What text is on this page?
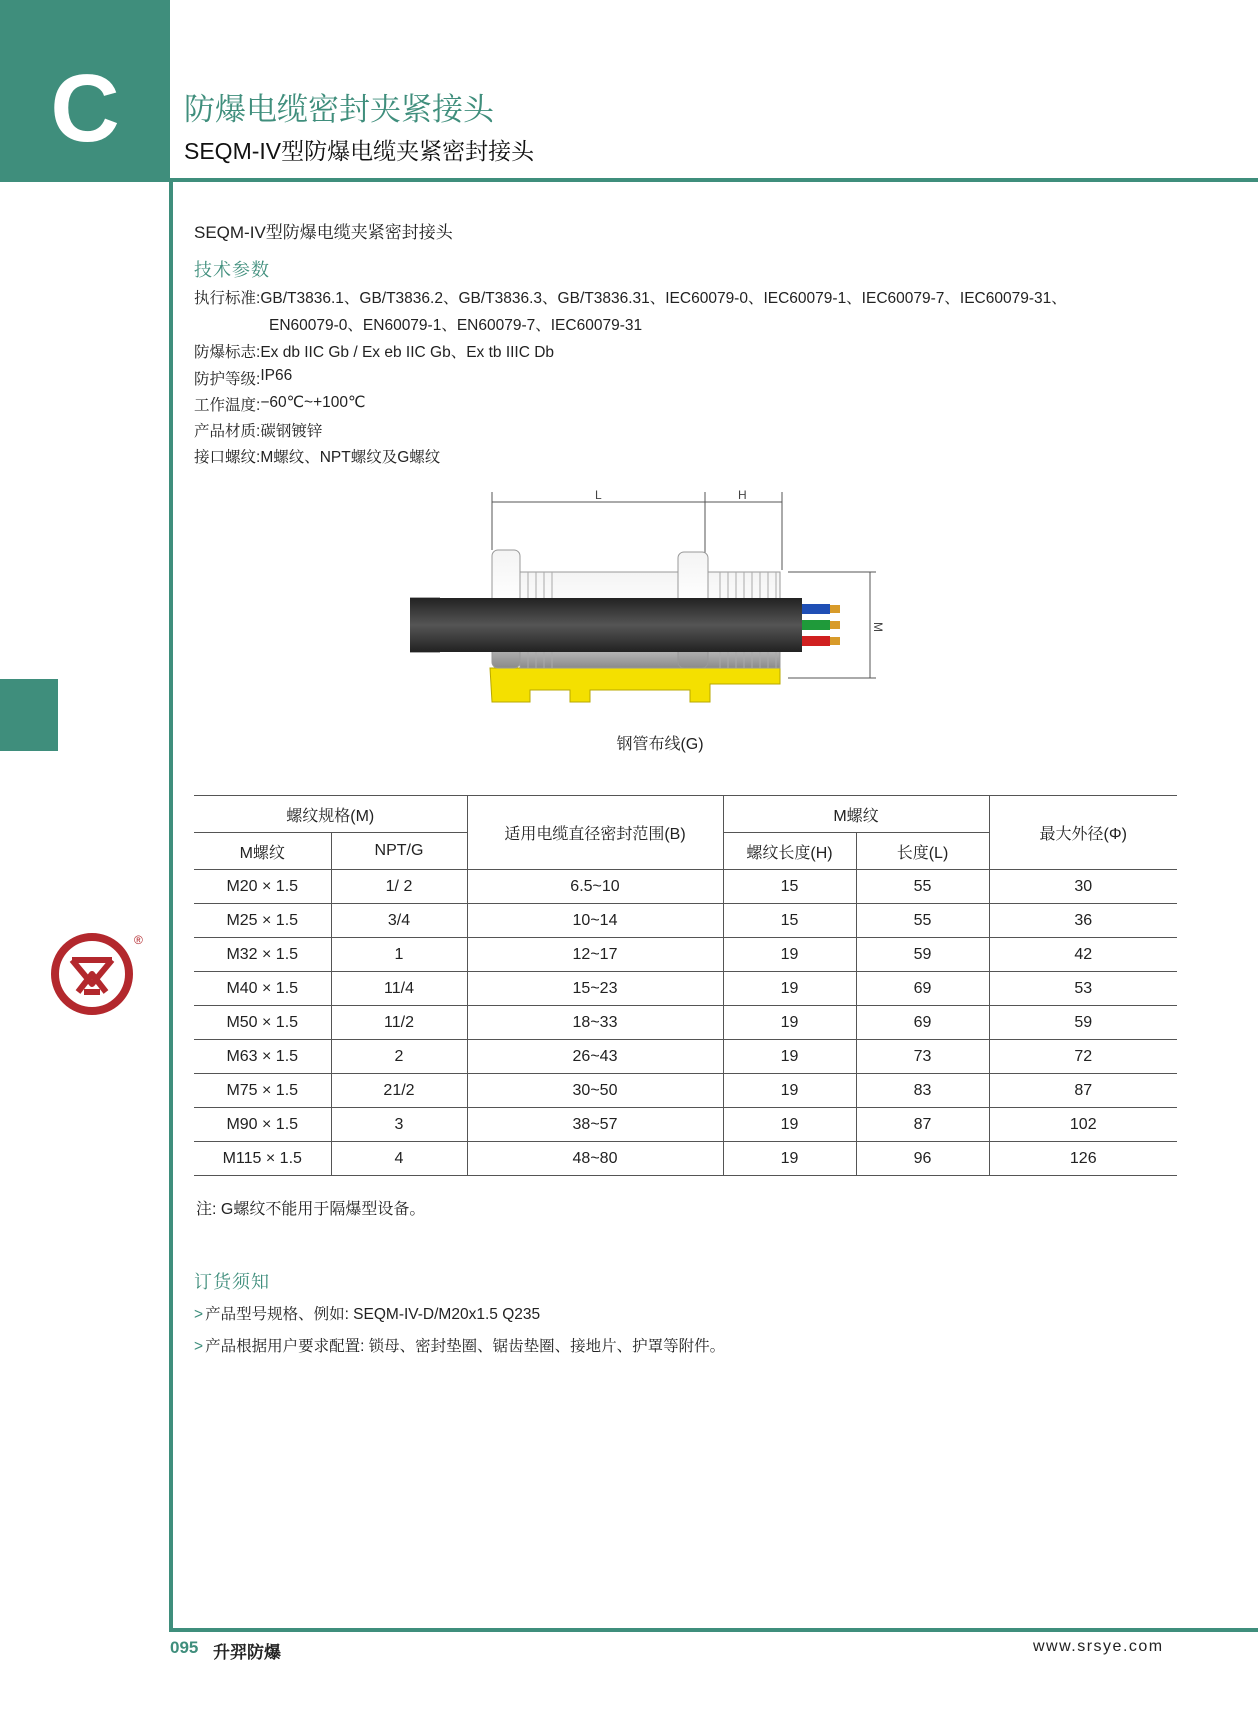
C	防爆电缆密封夹紧接头
SEQM-IV型防爆电缆夹紧密封接头
SEQM-IV型防爆电缆夹紧密封接头
技术参数
执行标准: GB/T3836.1、GB/T3836.2、GB/T3836.3、GB/T3836.31、IEC60079-0、IEC60079-1、IEC60079-7、IEC60079-31、
EN60079-0、EN60079-1、EN60079-7、IEC60079-31
防爆标志: Ex db IIC Gb / Ex eb IIC Gb、Ex tb IIIC Db
防护等级: IP66
工作温度: −60℃~+100℃
产品材质: 碳钢镀锌
接口螺纹: M螺纹、NPT螺纹及G螺纹
L	H
M
钢管布线(G)
螺纹规格(M)		适用电缆直径密封范围(B)	M螺纹		最大外径(Φ)
M螺纹	NPT/G		螺纹长度(H)	长度(L)	
M20 × 1.5	1/ 2	6.5~10	15	55	30
M25 × 1.5	3/4	10~14	15	55	36
M32 × 1.5	1	12~17	19	59	42
M40 × 1.5	11/4	15~23	19	69	53
M50 × 1.5	11/2	18~33	19	69	59
M63 × 1.5	2	26~43	19	73	72
M75 × 1.5	21/2	30~50	19	83	87
M90 × 1.5	3	38~57	19	87	102
M115 × 1.5	4	48~80	19	96	126
注: G螺纹不能用于隔爆型设备。
订货须知
> 产品型号规格、例如: SEQM-IV-D/M20x1.5 Q235
> 产品根据用户要求配置: 锁母、密封垫圈、锯齿垫圈、接地片、护罩等附件。
®
095 升羿防爆	www.srsye.com
